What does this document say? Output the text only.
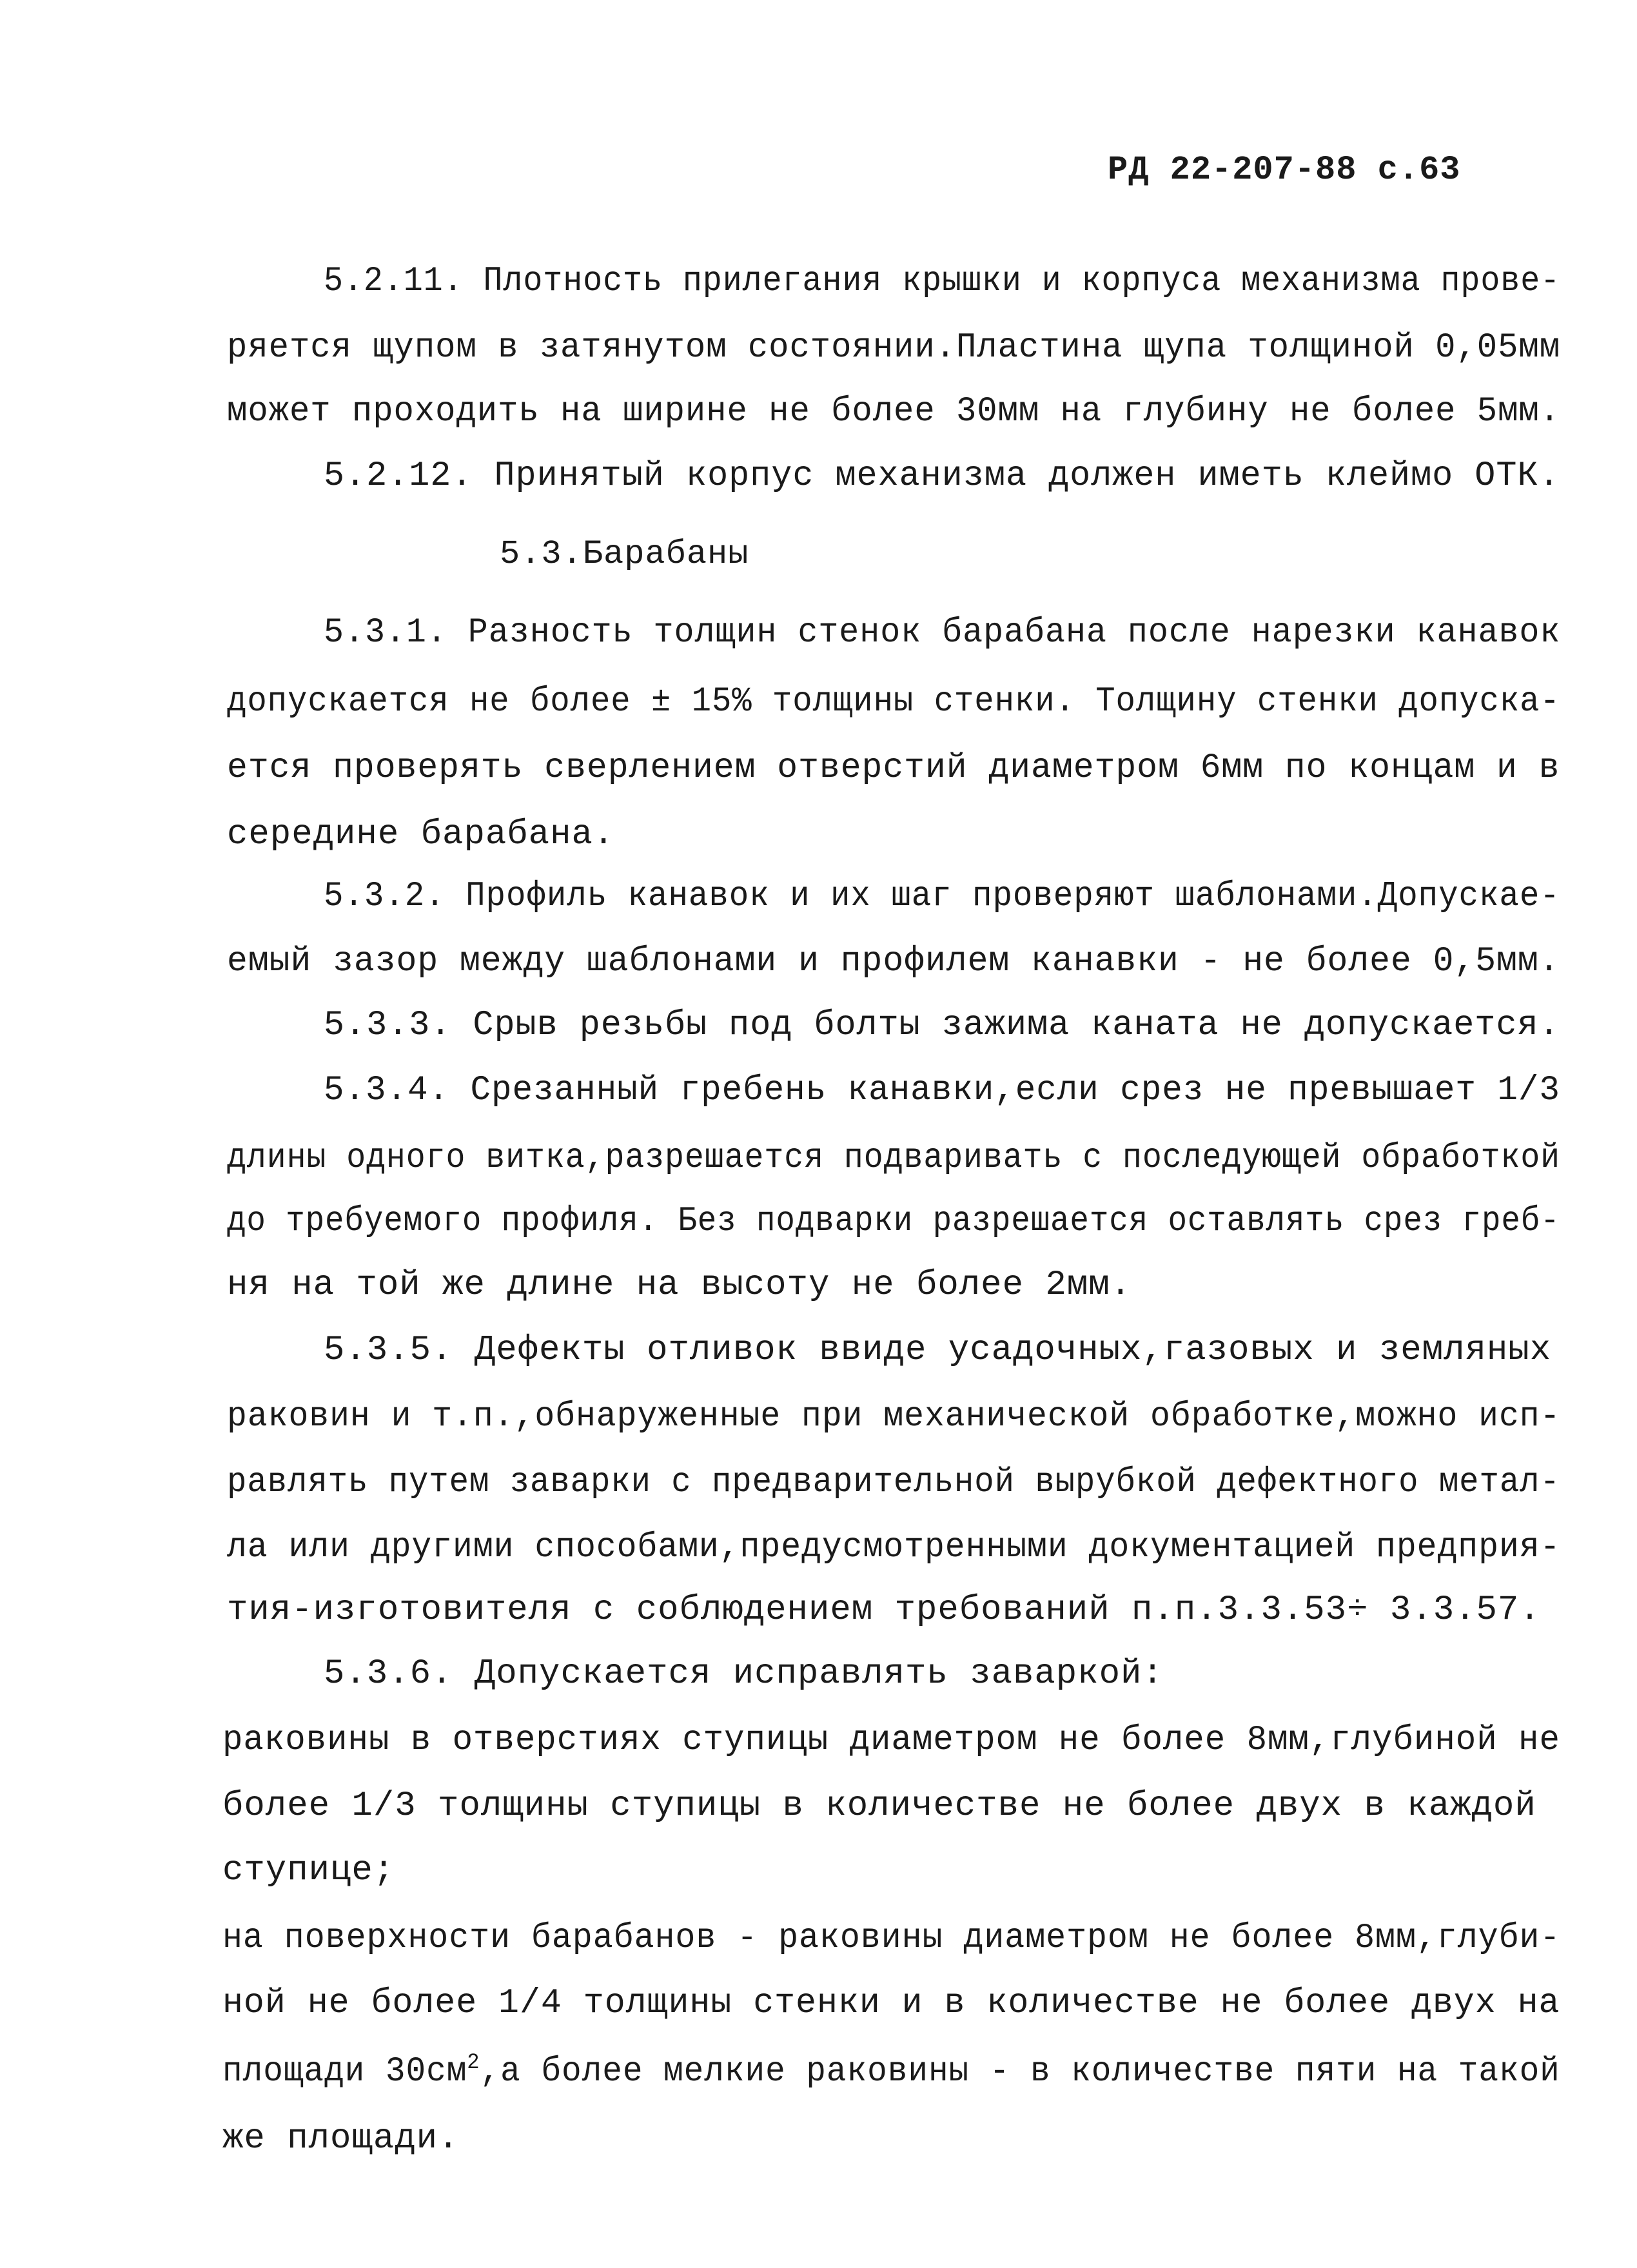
РД 22-207-88 с.63
5.2.11. Плотность прилегания крышки и корпуса механизма прове-
ряется щупом в затянутом состоянии.Пластина щупа толщиной 0,05мм
может проходить на ширине не более 30мм на глубину не более 5мм.
5.2.12. Принятый корпус механизма должен иметь клеймо ОТК.
5.3.Барабаны
5.3.1. Разность толщин стенок барабана после нарезки канавок
допускается не более ± 15% толщины стенки. Толщину стенки допуска-
ется проверять сверлением отверстий диаметром 6мм по концам и в
середине барабана.
5.3.2. Профиль канавок и их шаг проверяют шаблонами.Допускае-
емый зазор между шаблонами и профилем канавки - не более 0,5мм.
5.3.3. Срыв резьбы под болты зажима каната не допускается.
5.3.4. Срезанный гребень канавки,если срез не превышает 1/3
длины одного витка,разрешается подваривать с последующей обработкой
до требуемого профиля. Без подварки разрешается оставлять срез греб-
ня на той же длине на высоту не более 2мм.
5.3.5. Дефекты отливок ввиде усадочных,газовых и земляных
раковин и т.п.,обнаруженные при механической обработке,можно исп-
равлять путем заварки с предварительной вырубкой дефектного метал-
ла или другими способами,предусмотренными документацией предприя-
тия-изготовителя с соблюдением требований п.п.3.3.53÷ 3.3.57.
5.3.6. Допускается исправлять заваркой:
раковины в отверстиях ступицы диаметром не более 8мм,глубиной не
более 1/3 толщины ступицы в количестве не более двух в каждой
ступице;
на поверхности барабанов - раковины диаметром не более 8мм,глуби-
ной не более 1/4 толщины стенки и в количестве не более двух на
площади $30см^2,а$ более мелкие раковины - в количестве пяти на такой
же площади.
